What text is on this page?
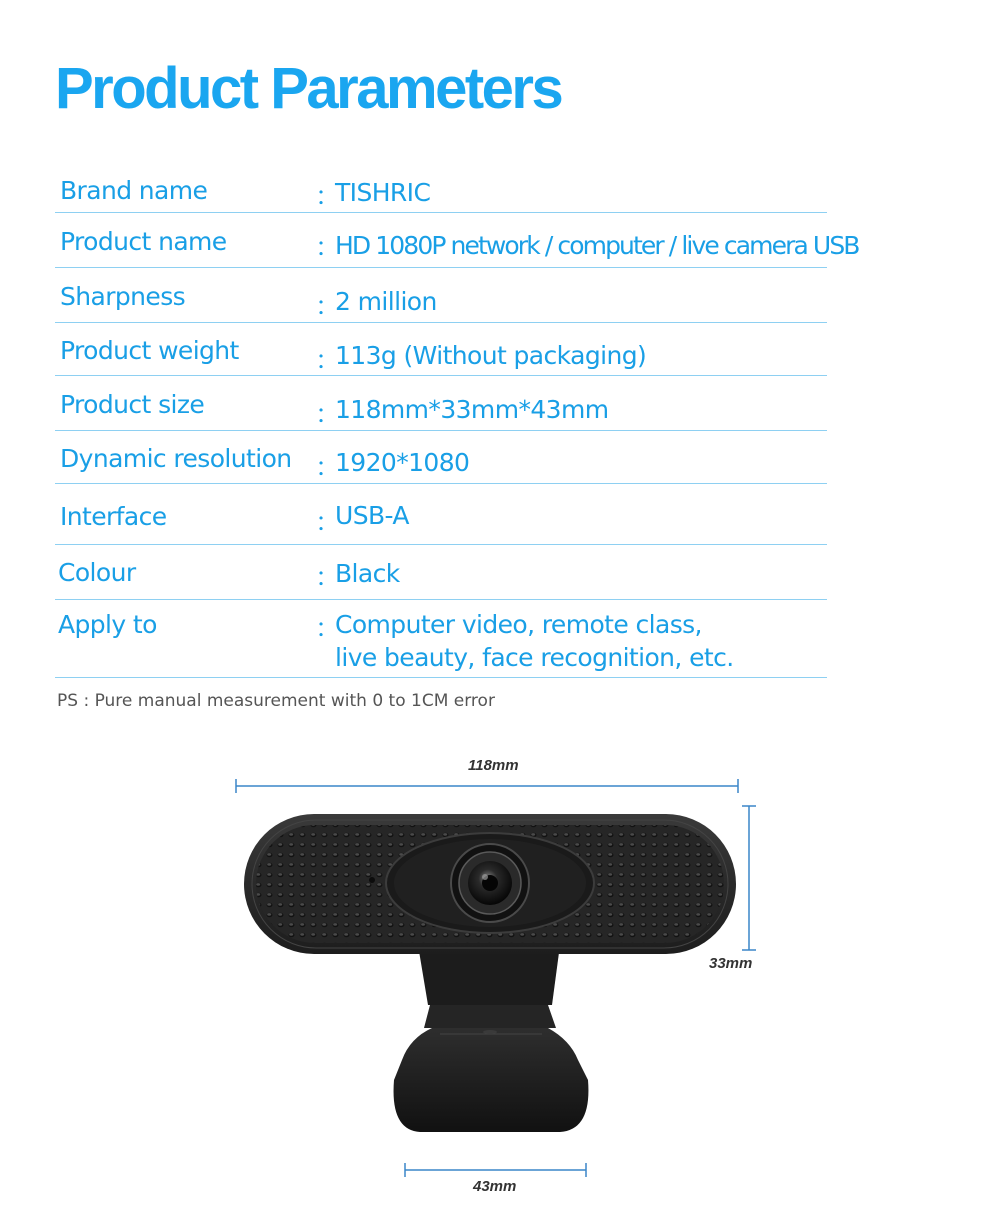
Product Parameters
Brand name	：
TISHRIC
Product name	：
HD 1080P network / computer / live camera USB
Sharpness	：
2 million
Product weight	：
113g (Without packaging)
Product size	：
118mm*33mm*43mm
Dynamic resolution ：
1920*1080
Interface	：
USB-A
Colour	：
Black
Apply to	：
Computer video, remote class,
live beauty, face recognition, etc.
PS : Pure manual measurement with 0 to 1CM error
118mm
33mm
43mm
